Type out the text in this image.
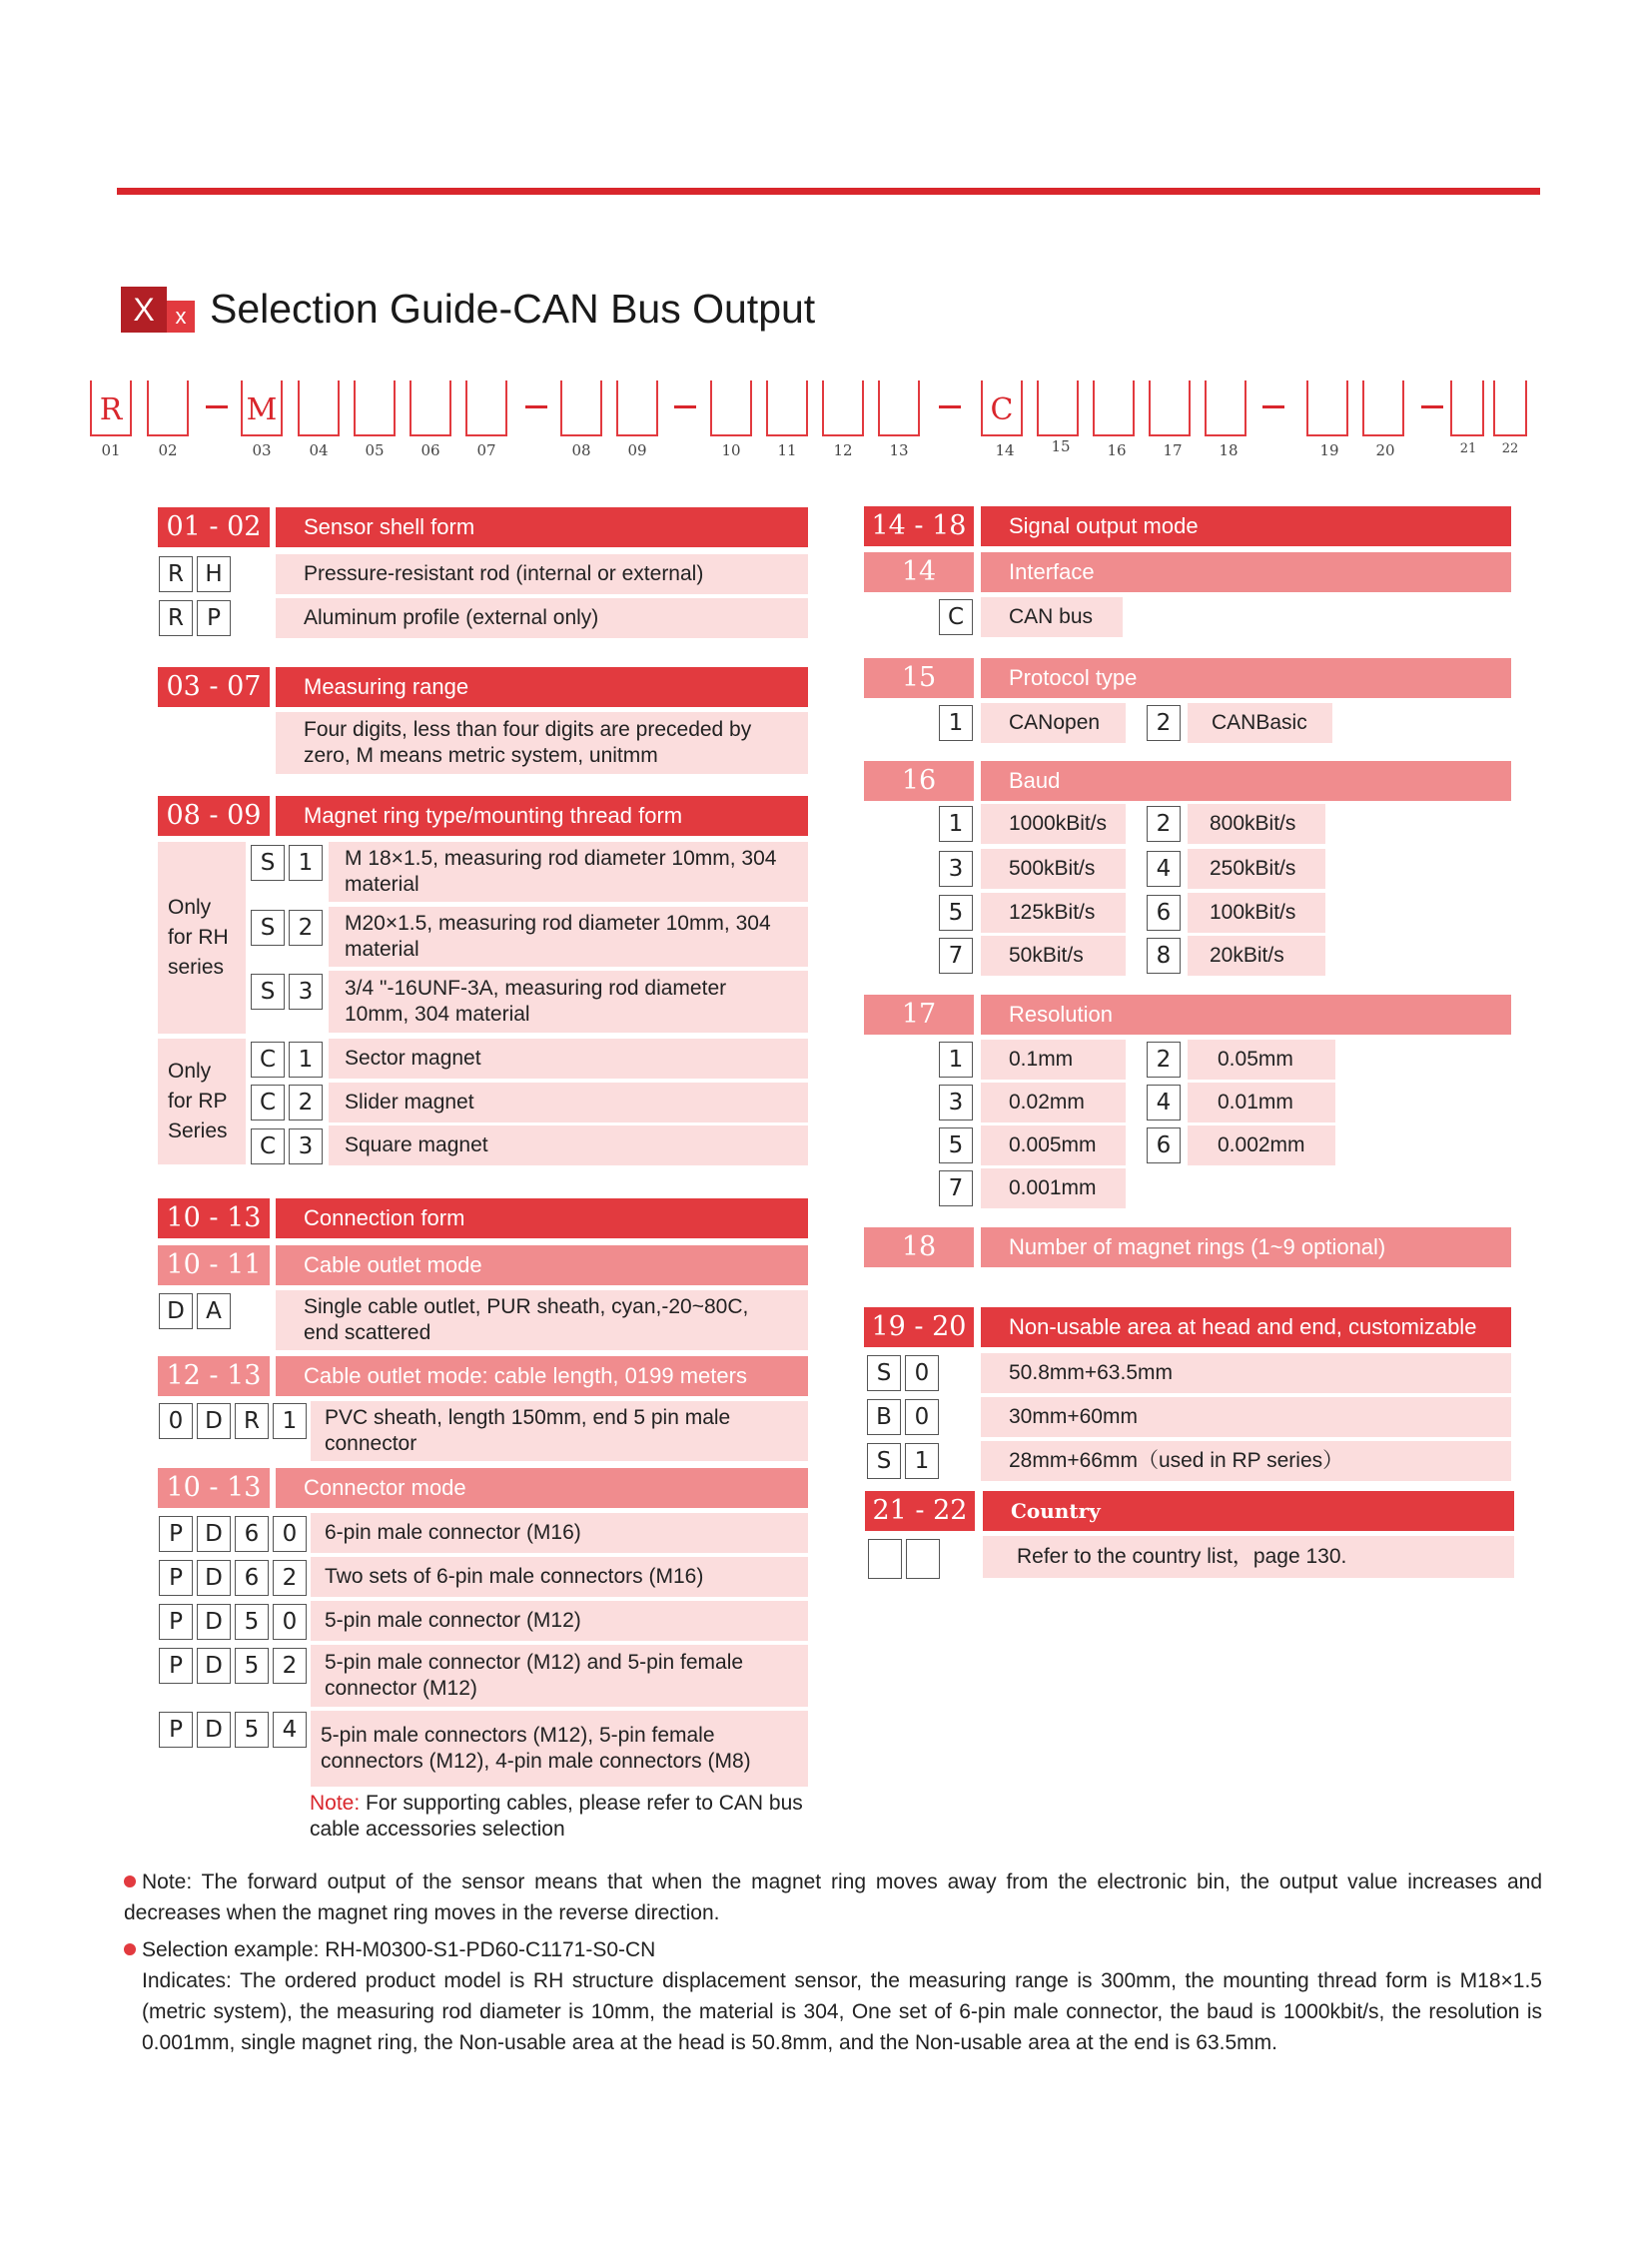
X x Selection Guide-CAN Bus Output
R	M	C
01	02	03	04	05	06	07	08	09	10	11	12	13	14	15	16	17	18	19	20	21	22
01 - 02	Sensor shell form
R H	Pressure-resistant rod (internal or external)
R	P	Aluminum profile (external only)
03 - 07	Measuring range
Four digits, less than four digits are preceded by zero, M means metric system, unitmm
08 - 09	Magnet ring type/mounting thread form
Only for RH series
Only for RP Series
S	1	M 18×1.5, measuring rod diameter 10mm, 304 material
S	2	M20×1.5, measuring rod diameter 10mm, 304 material
S	3	3/4 "-16UNF-3A, measuring rod diameter 10mm, 304 material
C 1	Sector magnet
C 2	Slider magnet
C 3	Square magnet
10 - 13	Connection form
10 - 11	Cable outlet mode
D A	Single cable outlet, PUR sheath, cyan,-20~80C, end scattered
12 - 13	Cable outlet mode: cable length, 0199 meters
0 D R 1	PVC sheath, length 150mm, end 5 pin male connector
10 - 13	Connector mode
P D 6	0	6-pin male connector (M16)
P D 6	2	Two sets of 6-pin male connectors (M16)
P D 5	0	5-pin male connector (M12)
P D 5	2	5-pin male connector (M12) and 5-pin female connector (M12)
P D 5	4	5-pin male connectors (M12), 5-pin female connectors (M12), 4-pin male connectors (M8)
Note: For supporting cables, please refer to CAN bus cable accessories selection
14 - 18	Signal output mode
14	Interface
C	CAN bus
15	Protocol type
1	CANopen	2	CANBasic
16	Baud
1	1000kBit/s	2	800kBit/s
3	500kBit/s	4	250kBit/s
5	125kBit/s	6	100kBit/s
7	50kBit/s	8	20kBit/s
17	Resolution
1	0.1mm	2	0.05mm
3	0.02mm	4	0.01mm
5	0.005mm	6	0.002mm
7	0.001mm
18	Number of magnet rings (1~9 optional)
19 - 20	Non-usable area at head and end, customizable
S	0	50.8mm+63.5mm
B 0	30mm+60mm
S	1	28mm+66mm（used in RP series）
21 - 22	Country
Refer to the country list，page 130.
Note: The forward output of the sensor means that when the magnet ring moves away from the electronic bin, the output value increases and decreases when the magnet ring moves in the reverse direction.
Selection example: RH-M0300-S1-PD60-C1171-S0-CN
Indicates: The ordered product model is RH structure displacement sensor, the measuring range is 300mm, the mounting thread form is M18×1.5 (metric system), the measuring rod diameter is 10mm, the material is 304, One set of 6-pin male connector, the baud is 1000kbit/s, the resolution is 0.001mm, single magnet ring, the Non-usable area at the head is 50.8mm, and the Non-usable area at the end is 63.5mm.
